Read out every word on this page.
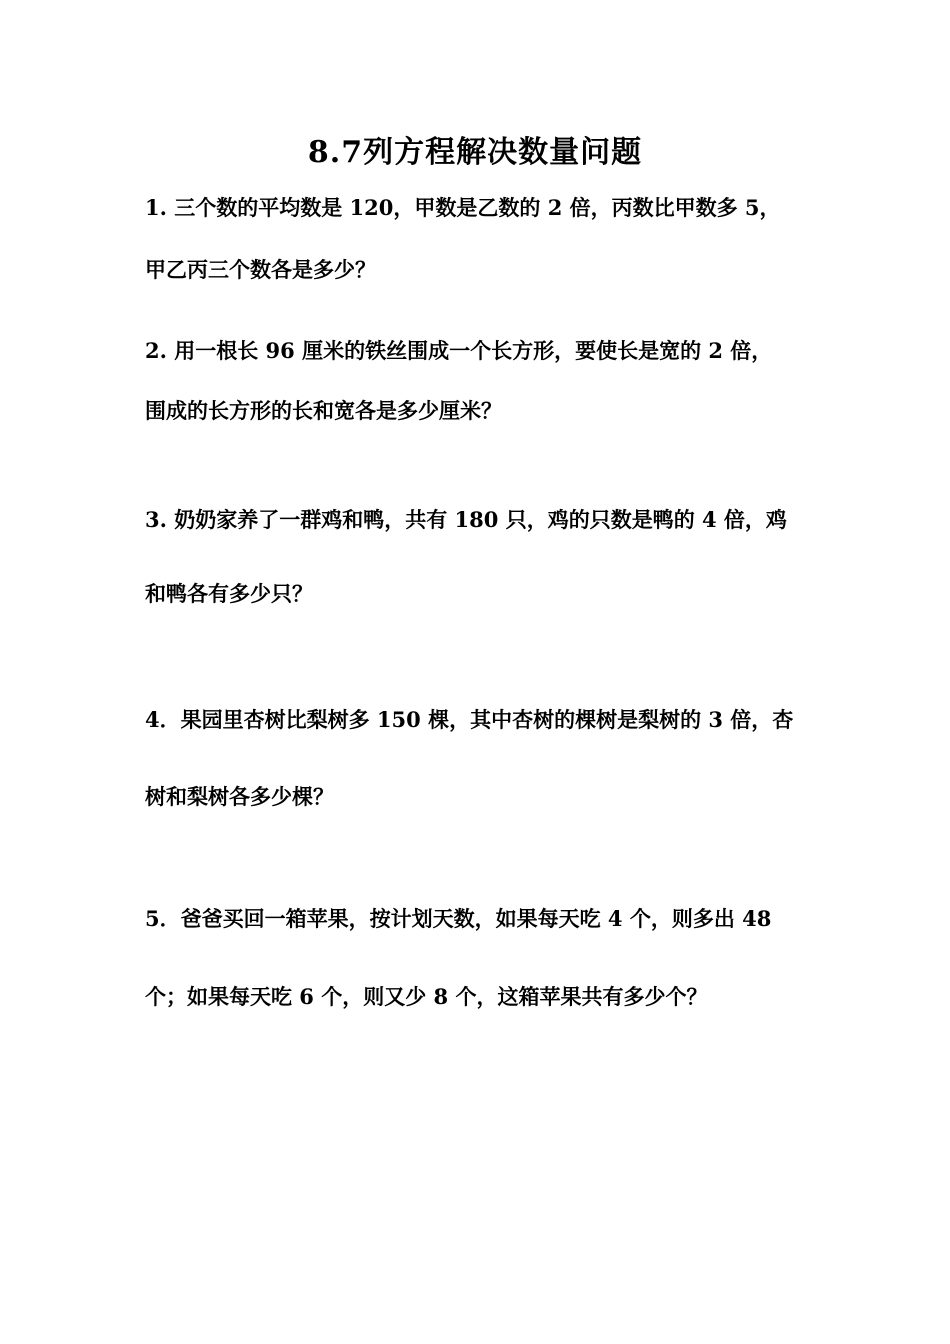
8.7列方程解决数量问题
1. 三个数的平均数是 120，甲数是乙数的 2 倍，丙数比甲数多 5，
甲乙丙三个数各是多少？
2. 用一根长 96 厘米的铁丝围成一个长方形，要使长是宽的 2 倍，
围成的长方形的长和宽各是多少厘米？
3. 奶奶家养了一群鸡和鸭，共有 180 只，鸡的只数是鸭的 4 倍，鸡
和鸭各有多少只？
4．果园里杏树比梨树多 150 棵，其中杏树的棵树是梨树的 3 倍，杏
树和梨树各多少棵？
5．爸爸买回一箱苹果，按计划天数，如果每天吃 4 个，则多出 48
个；如果每天吃 6 个，则又少 8 个，这箱苹果共有多少个？
